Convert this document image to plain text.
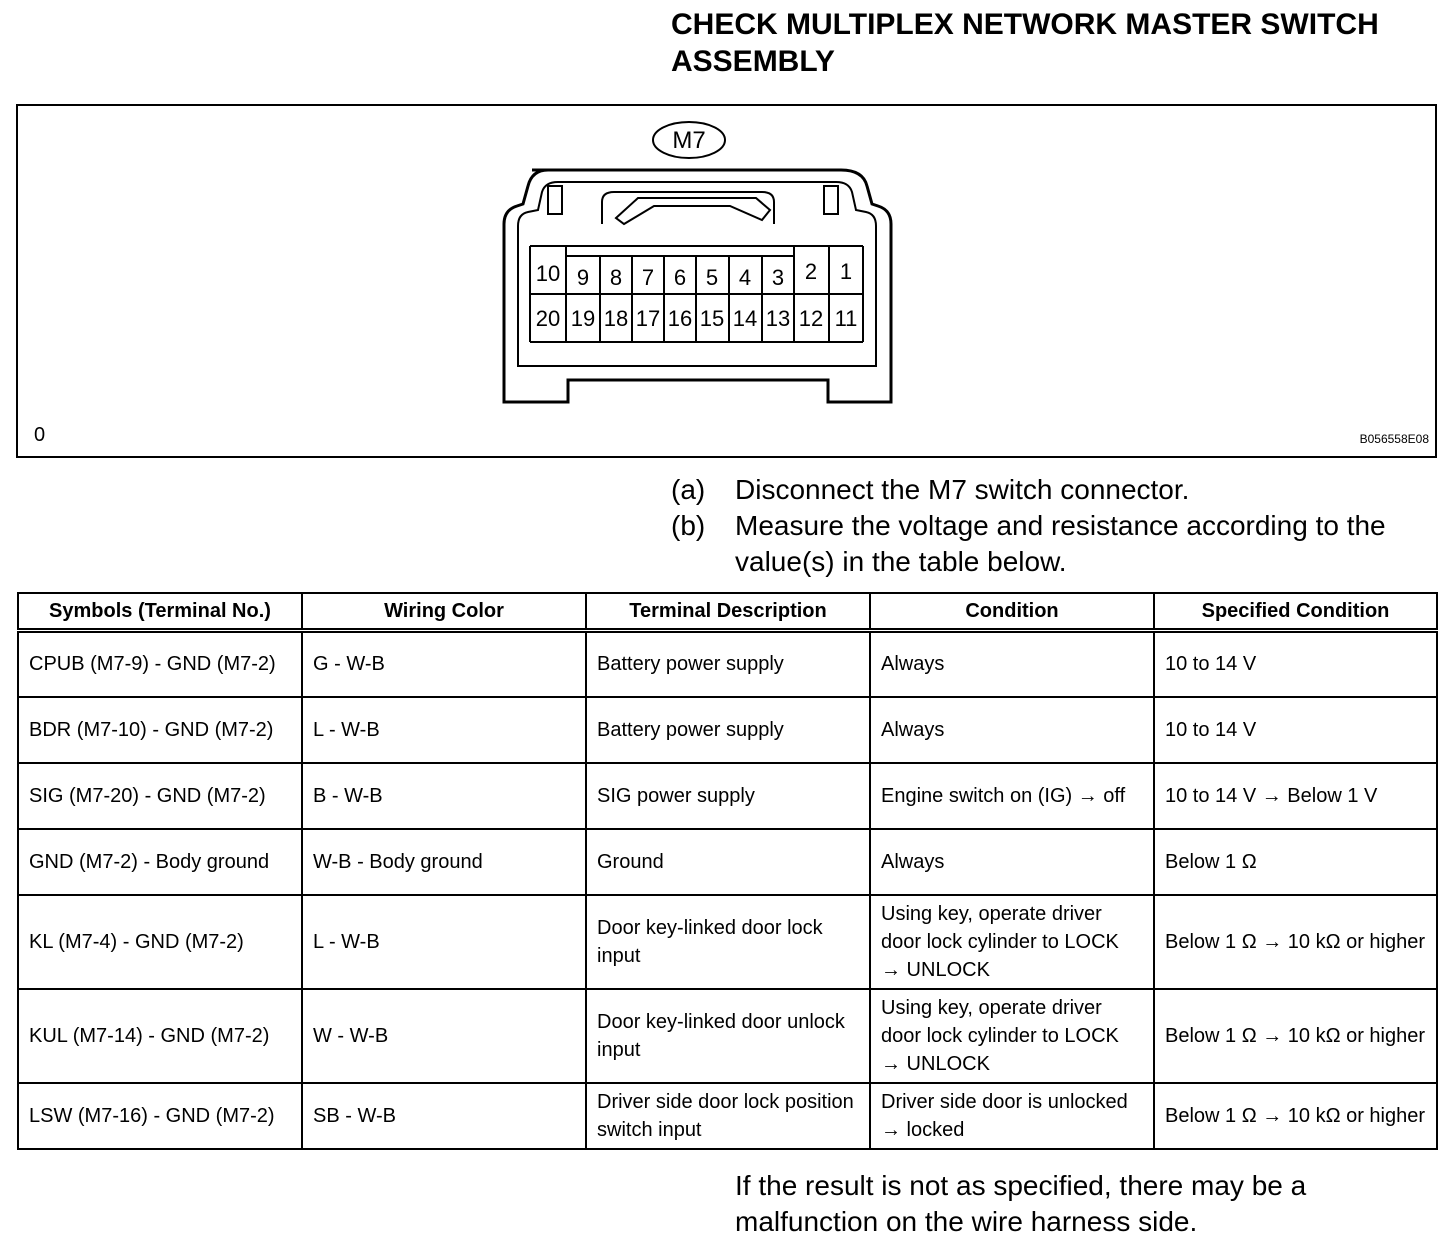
CHECK MULTIPLEX NETWORK MASTER SWITCH ASSEMBLY
M7
10 9 8 7 6 5 4 3 2 1
20 19 18 17 16 15 14 13 12 11
0	B056558E08
(a)	Disconnect the M7 switch connector.
(b)	Measure the voltage and resistance according to the value(s) in the table below.
Symbols (Terminal No.)	Wiring Color	Terminal Description	Condition	Specified Condition
CPUB (M7-9) - GND (M7-2)	G - W-B	Battery power supply	Always	10 to 14 V
BDR (M7-10) - GND (M7-2)	L - W-B	Battery power supply	Always	10 to 14 V
SIG (M7-20) - GND (M7-2)	B - W-B	SIG power supply	Engine switch on (IG) → off	10 to 14 V → Below 1 V
GND (M7-2) - Body ground	W-B - Body ground	Ground	Always	Below 1 Ω
KL (M7-4) - GND (M7-2)	L - W-B	Door key-linked door lock input	Using key, operate driver door lock cylinder to LOCK → UNLOCK	Below 1 Ω → 10 kΩ or higher
KUL (M7-14) - GND (M7-2)	W - W-B	Door key-linked door unlock input	Using key, operate driver door lock cylinder to LOCK → UNLOCK	Below 1 Ω → 10 kΩ or higher
LSW (M7-16) - GND (M7-2)	SB - W-B	Driver side door lock position switch input	Driver side door is unlocked → locked	Below 1 Ω → 10 kΩ or higher
If the result is not as specified, there may be a malfunction on the wire harness side.
